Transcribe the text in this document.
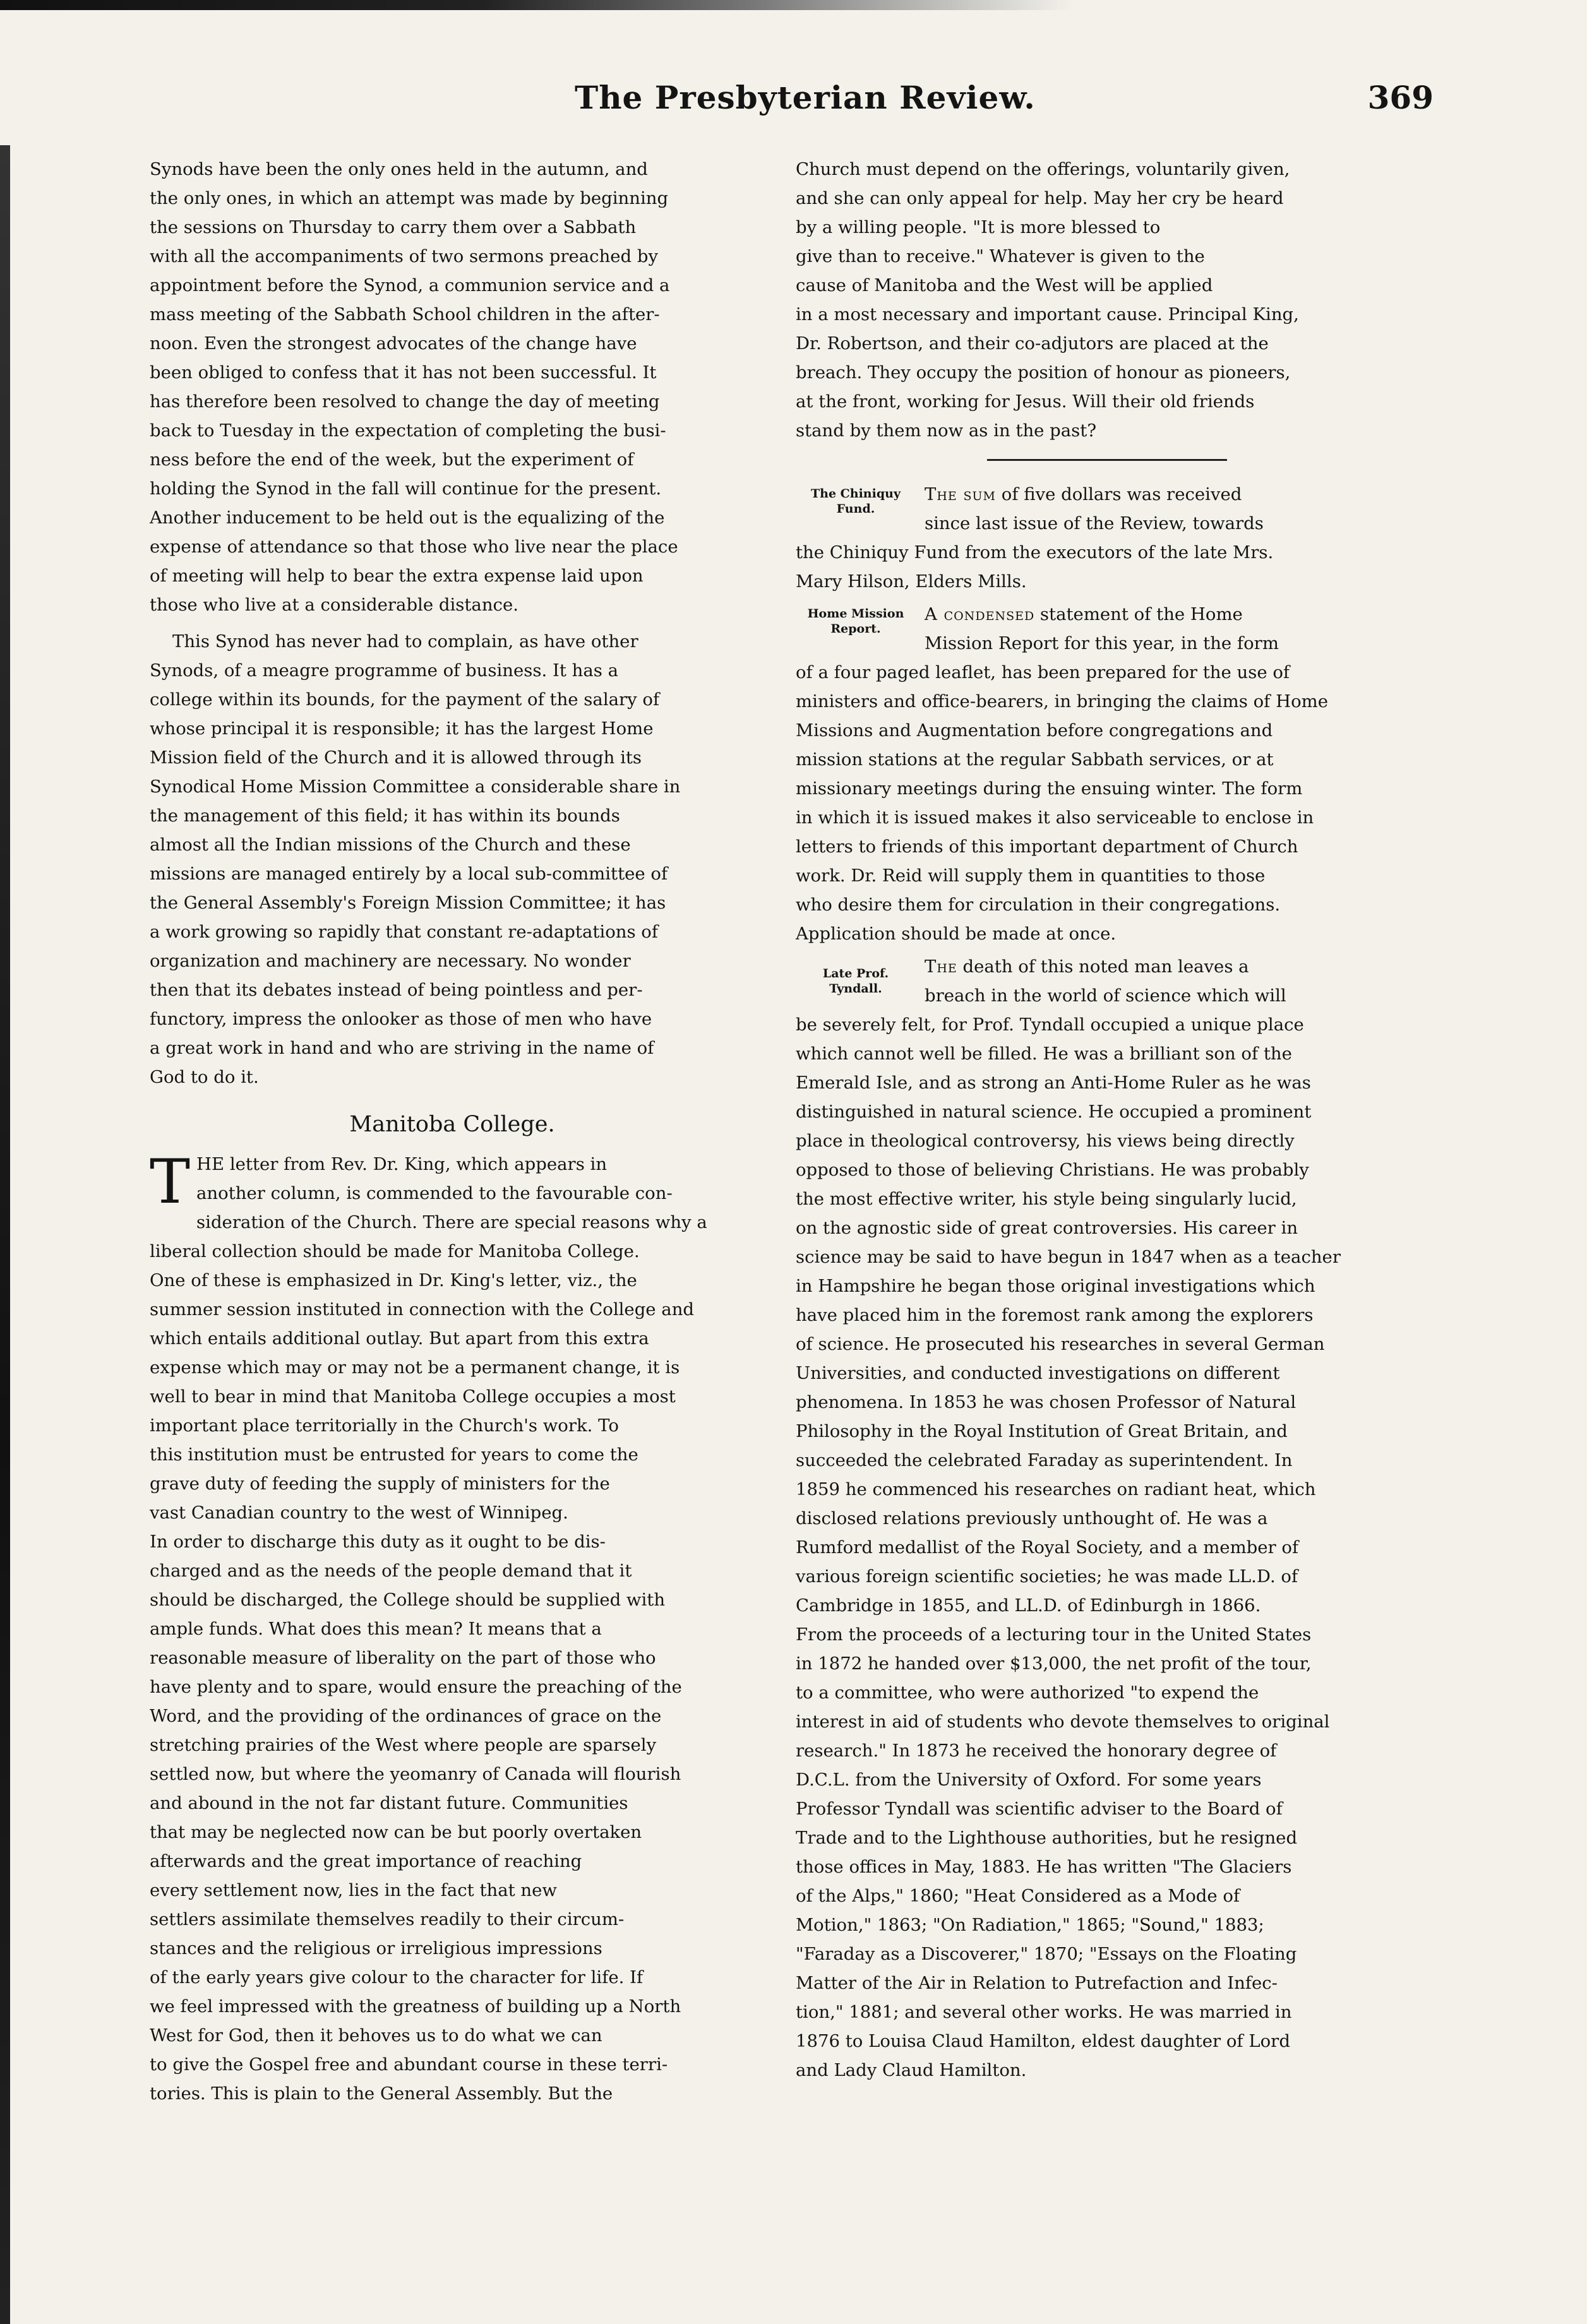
The Presbyterian Review.	369

Synods have been the only ones held in the autumn, and
the only ones, in which an attempt was made by beginning
the sessions on Thursday to carry them over a Sabbath
with all the accompaniments of two sermons preached by
appointment before the Synod, a communion service and a
mass meeting of the Sabbath School children in the after-
noon. Even the strongest advocates of the change have
been obliged to confess that it has not been successful. It
has therefore been resolved to change the day of meeting
back to Tuesday in the expectation of completing the busi-
ness before the end of the week, but the experiment of
holding the Synod in the fall will continue for the present.
Another inducement to be held out is the equalizing of the
expense of attendance so that those who live near the place
of meeting will help to bear the extra expense laid upon
those who live at a considerable distance.

This Synod has never had to complain, as have other
Synods, of a meagre programme of business. It has a
college within its bounds, for the payment of the salary of
whose principal it is responsible; it has the largest Home
Mission field of the Church and it is allowed through its
Synodical Home Mission Committee a considerable share in
the management of this field; it has within its bounds
almost all the Indian missions of the Church and these
missions are managed entirely by a local sub-committee of
the General Assembly's Foreign Mission Committee; it has
a work growing so rapidly that constant re-adaptations of
organization and machinery are necessary. No wonder
then that its debates instead of being pointless and per-
functory, impress the onlooker as those of men who have
a great work in hand and who are striving in the name of
God to do it.

Manitoba College.
T HE letter from Rev. Dr. King, which appears in
another column, is commended to the favourable con-
sideration of the Church. There are special reasons why a
liberal collection should be made for Manitoba College.
One of these is emphasized in Dr. King's letter, viz., the
summer session instituted in connection with the College and
which entails additional outlay. But apart from this extra
expense which may or may not be a permanent change, it is
well to bear in mind that Manitoba College occupies a most
important place territorially in the Church's work. To
this institution must be entrusted for years to come the
grave duty of feeding the supply of ministers for the
vast Canadian country to the west of Winnipeg.
In order to discharge this duty as it ought to be dis-
charged and as the needs of the people demand that it
should be discharged, the College should be supplied with
ample funds. What does this mean? It means that a
reasonable measure of liberality on the part of those who
have plenty and to spare, would ensure the preaching of the
Word, and the providing of the ordinances of grace on the
stretching prairies of the West where people are sparsely
settled now, but where the yeomanry of Canada will flourish
and abound in the not far distant future. Communities
that may be neglected now can be but poorly overtaken
afterwards and the great importance of reaching
every settlement now, lies in the fact that new
settlers assimilate themselves readily to their circum-
stances and the religious or irreligious impressions
of the early years give colour to the character for life. If
we feel impressed with the greatness of building up a North
West for God, then it behoves us to do what we can
to give the Gospel free and abundant course in these terri-
tories. This is plain to the General Assembly. But the

Church must depend on the offerings, voluntarily given,
and she can only appeal for help. May her cry be heard
by a willing people. "It is more blessed to
give than to receive." Whatever is given to the
cause of Manitoba and the West will be applied
in a most necessary and important cause. Principal King,
Dr. Robertson, and their co-adjutors are placed at the
breach. They occupy the position of honour as pioneers,
at the front, working for Jesus. Will their old friends
stand by them now as in the past?

The Chiniquy
Fund.

The sum of five dollars was received
since last issue of the Review, towards
the Chiniquy Fund from the executors of the late Mrs.
Mary Hilson, Elders Mills.

Home Mission
Report.

A condensed statement of the Home
Mission Report for this year, in the form
of a four paged leaflet, has been prepared for the use of
ministers and office-bearers, in bringing the claims of Home
Missions and Augmentation before congregations and
mission stations at the regular Sabbath services, or at
missionary meetings during the ensuing winter. The form
in which it is issued makes it also serviceable to enclose in
letters to friends of this important department of Church
work. Dr. Reid will supply them in quantities to those
who desire them for circulation in their congregations.
Application should be made at once.

Late Prof. Tyndall.

The death of this noted man leaves a
breach in the world of science which will
be severely felt, for Prof. Tyndall occupied a unique place
which cannot well be filled. He was a brilliant son of the
Emerald Isle, and as strong an Anti-Home Ruler as he was
distinguished in natural science. He occupied a prominent
place in theological controversy, his views being directly
opposed to those of believing Christians. He was probably
the most effective writer, his style being singularly lucid,
on the agnostic side of great controversies. His career in
science may be said to have begun in 1847 when as a teacher
in Hampshire he began those original investigations which
have placed him in the foremost rank among the explorers
of science. He prosecuted his researches in several German
Universities, and conducted investigations on different
phenomena. In 1853 he was chosen Professor of Natural
Philosophy in the Royal Institution of Great Britain, and
succeeded the celebrated Faraday as superintendent. In
1859 he commenced his researches on radiant heat, which
disclosed relations previously unthought of. He was a
Rumford medallist of the Royal Society, and a member of
various foreign scientific societies; he was made LL.D. of
Cambridge in 1855, and LL.D. of Edinburgh in 1866.
From the proceeds of a lecturing tour in the United States
in 1872 he handed over $13,000, the net profit of the tour,
to a committee, who were authorized "to expend the
interest in aid of students who devote themselves to original
research." In 1873 he received the honorary degree of
D.C.L. from the University of Oxford. For some years
Professor Tyndall was scientific adviser to the Board of
Trade and to the Lighthouse authorities, but he resigned
those offices in May, 1883. He has written "The Glaciers
of the Alps," 1860; "Heat Considered as a Mode of
Motion," 1863; "On Radiation," 1865; "Sound," 1883;
"Faraday as a Discoverer," 1870; "Essays on the Floating
Matter of the Air in Relation to Putrefaction and Infec-
tion," 1881; and several other works. He was married in
1876 to Louisa Claud Hamilton, eldest daughter of Lord
and Lady Claud Hamilton.
